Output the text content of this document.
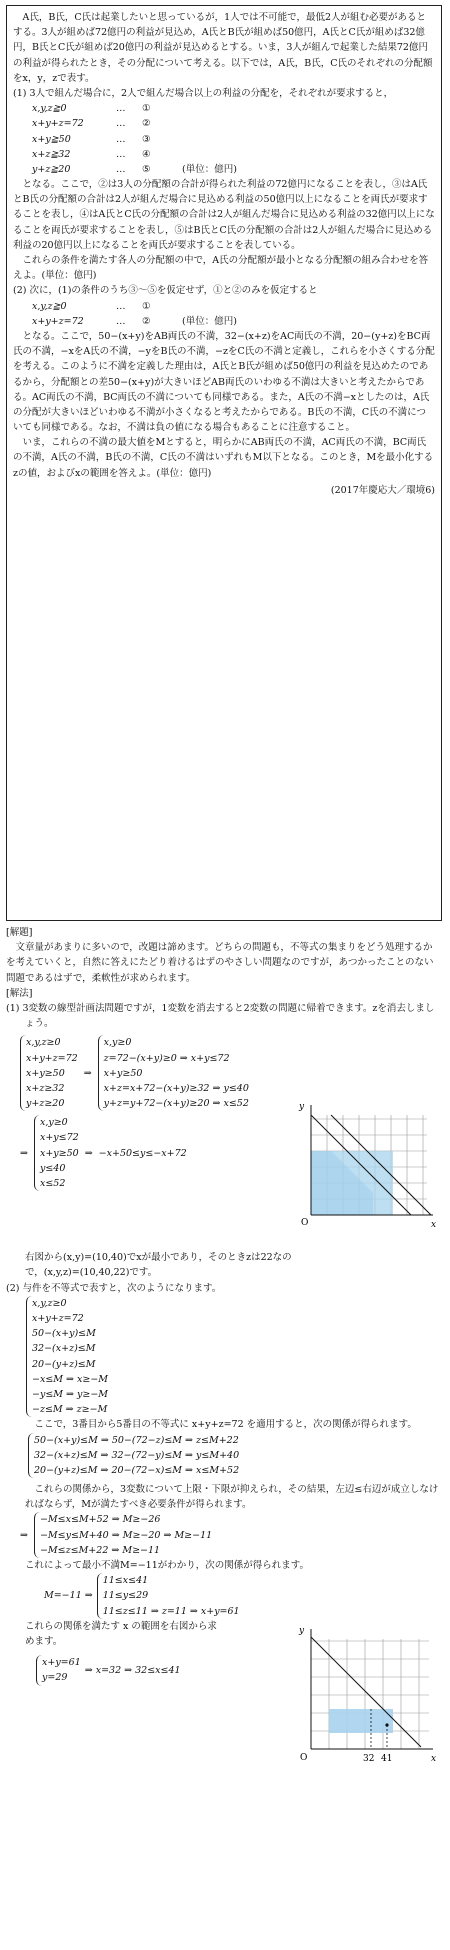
A氏，B氏，C氏は起業したいと思っているが，1人では不可能で，最低2人が組む必要があるとする。3人が組めば72億円の利益が見込め，A氏とB氏が組めば50億円，A氏とC氏が組めば32億円，B氏とC氏が組めば20億円の利益が見込めるとする。いま，3人が組んで起業した結果72億円の利益が得られたとき，その分配について考える。以下では，A氏，B氏，C氏のそれぞれの分配額をx，y，zで表す。

(1) 3人で組んだ場合に，2人で組んだ場合以上の利益の分配を，それぞれが要求すると，

x,y,z≧0	…	①
x+y+z=72	…	②
x+y≧50	…	③
x+z≧32	…	④
y+z≧20	…	⑤	(単位：億円)

となる。ここで，②は3人の分配額の合計が得られた利益の72億円になることを表し，③はA氏とB氏の分配額の合計は2人が組んだ場合に見込める利益の50億円以上になることを両氏が要求することを表し，④はA氏とC氏の分配額の合計は2人が組んだ場合に見込める利益の32億円以上になることを両氏が要求することを表し，⑤はB氏とC氏の分配額の合計は2人が組んだ場合に見込める利益の20億円以上になることを両氏が要求することを表している。

これらの条件を満たす各人の分配額の中で，A氏の分配額が最小となる分配額の組み合わせを答えよ。(単位：億円)

(2) 次に，(1)の条件のうち③～⑤を仮定せず，①と②のみを仮定すると

x,y,z≧0	…	①
x+y+z=72	…	②	(単位：億円)

となる。ここで，50−(x+y)をAB両氏の不満，32−(x+z)をAC両氏の不満，20−(y+z)をBC両氏の不満，−xをA氏の不満，−yをB氏の不満，−zをC氏の不満と定義し，これらを小さくする分配を考える。このように不満を定義した理由は，A氏とB氏が組めば50億円の利益を見込めたのであるから，分配額との差50−(x+y)が大きいほどAB両氏のいわゆる不満は大きいと考えたからである。AC両氏の不満，BC両氏の不満についても同様である。また，A氏の不満−xとしたのは，A氏の分配が大きいほどいわゆる不満が小さくなると考えたからである。B氏の不満，C氏の不満についても同様である。なお，不満は負の値になる場合もあることに注意すること。

いま，これらの不満の最大値をMとすると，明らかにAB両氏の不満，AC両氏の不満，BC両氏の不満，A氏の不満，B氏の不満，C氏の不満はいずれもM以下となる。このとき，Mを最小化するzの値，およびxの範囲を答えよ。(単位：億円)

(2017年慶応大／環境6)

[解題]

文章量があまりに多いので，改題は諦めます。どちらの問題も，不等式の集まりをどう処理するかを考えていくと，自然に答えにたどり着けるはずのやさしい問題なのですが，あつかったことのない問題であるはずで，柔軟性が求められます。

[解法]

(1) 3変数の線型計画法問題ですが，1変数を消去すると2変数の問題に帰着できます。zを消去しましょう。

x,y,z≥0
x+y+z=72
x+y≥50
x+z≥32
y+z≥20
⇒
x,y≥0
z=72−(x+y)≥0 ⇒ x+y≤72
x+y≥50
x+z=x+72−(x+y)≥32 ⇒ y≤40
y+z=y+72−(x+y)≥20 ⇒ x≤52
⇒
x,y≥0
x+y≤72
x+y≥50
y≤40
x≤52
⇒ −x+50≤y≤−x+72
O	x
y

右図から(x,y)=(10,40)でxが最小であり，そのときzは22なので，(x,y,z)=(10,40,22)です。

(2) 与件を不等式で表すと，次のようになります。

x,y,z≥0
x+y+z=72
50−(x+y)≤M
32−(x+z)≤M
20−(y+z)≤M
−x≤M ⇒ x≥−M
−y≤M ⇒ y≥−M
−z≤M ⇒ z≥−M

ここで，3番目から5番目の不等式に x+y+z=72 を適用すると，次の関係が得られます。

50−(x+y)≤M ⇒ 50−(72−z)≤M ⇒ z≤M+22
32−(x+z)≤M ⇒ 32−(72−y)≤M ⇒ y≤M+40
20−(y+z)≤M ⇒ 20−(72−x)≤M ⇒ x≤M+52

これらの関係から，3変数について上限・下限が抑えられ，その結果，左辺≤右辺が成立しなければならず，Mが満たすべき必要条件が得られます。

⇒
−M≤x≤M+52 ⇒ M≥−26
−M≤y≤M+40 ⇒ M≥−20 ⇒ M≥−11
−M≤z≤M+22 ⇒ M≥−11

これによって最小不満M=−11がわかり，次の関係が得られます。

M=−11 ⇒
11≤x≤41
11≤y≤29
11≤z≤11 ⇒ z=11 ⇒ x+y=61

これらの関係を満たす x の範囲を右図から求めます。

x+y=61
y=29
⇒ x=32 ⇒ 32≤x≤41
O	32 41	x
y
